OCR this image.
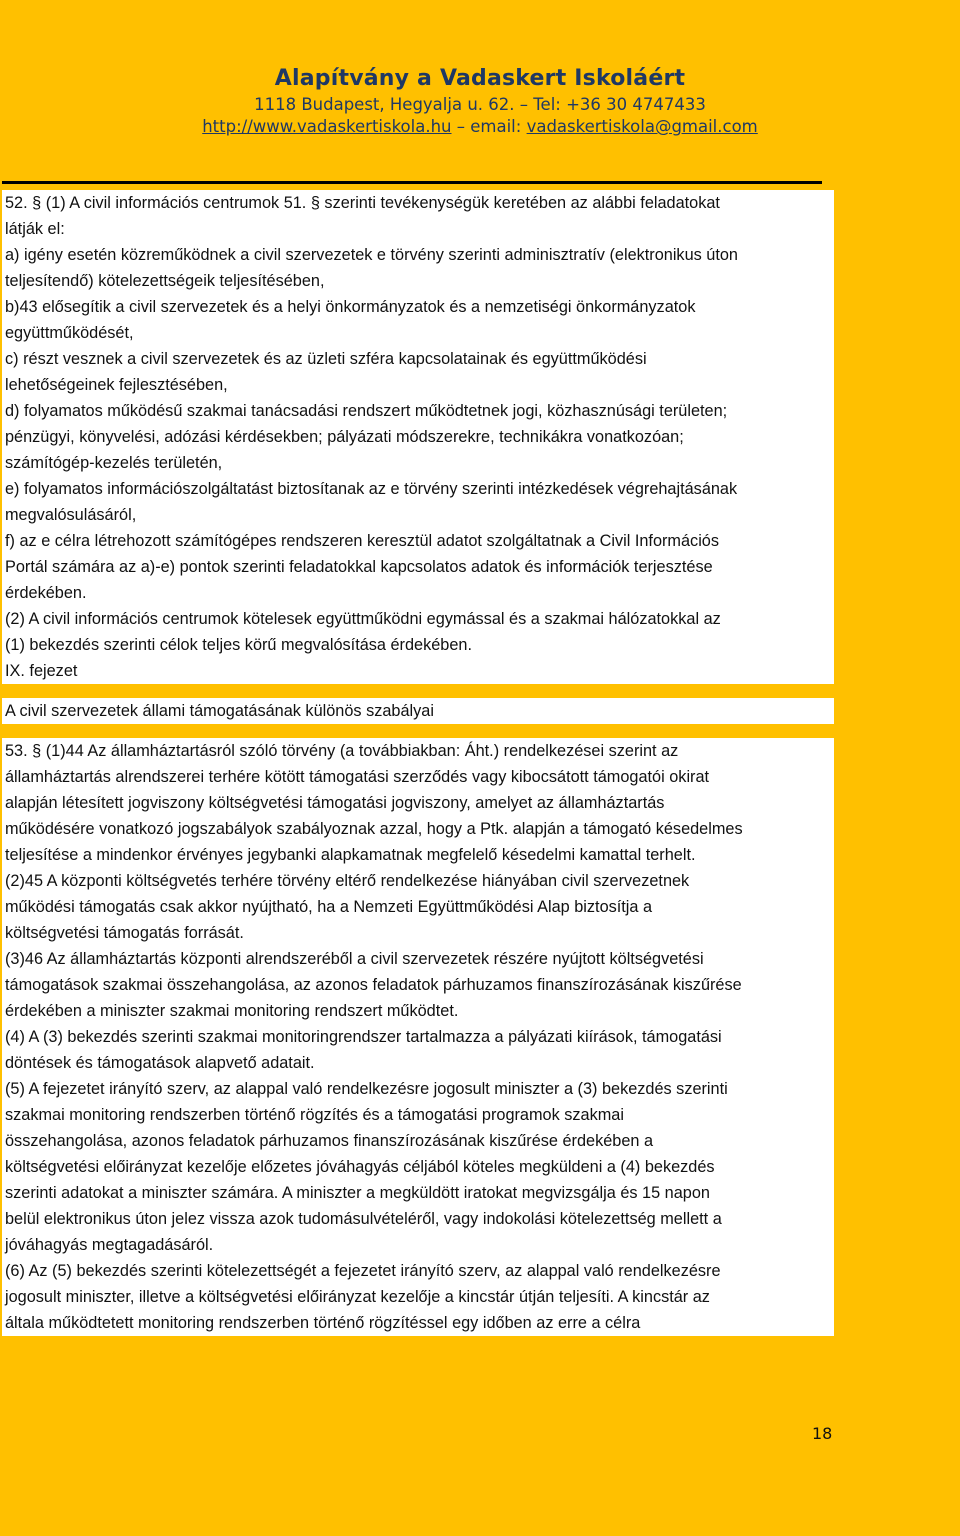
Alapítvány a Vadaskert Iskoláért
1118 Budapest, Hegyalja u. 62. – Tel: +36 30 4747433
http://www.vadaskertiskola.hu – email: vadaskertiskola@gmail.com
52. § (1) A civil információs centrumok 51. § szerinti tevékenységük keretében az alábbi feladatokat
látják el:
a) igény esetén közreműködnek a civil szervezetek e törvény szerinti adminisztratív (elektronikus úton
teljesítendő) kötelezettségeik teljesítésében,
b)43 elősegítik a civil szervezetek és a helyi önkormányzatok és a nemzetiségi önkormányzatok
együttműködését,
c) részt vesznek a civil szervezetek és az üzleti szféra kapcsolatainak és együttműködési
lehetőségeinek fejlesztésében,
d) folyamatos működésű szakmai tanácsadási rendszert működtetnek jogi, közhasznúsági területen;
pénzügyi, könyvelési, adózási kérdésekben; pályázati módszerekre, technikákra vonatkozóan;
számítógép-kezelés területén,
e) folyamatos információszolgáltatást biztosítanak az e törvény szerinti intézkedések végrehajtásának
megvalósulásáról,
f) az e célra létrehozott számítógépes rendszeren keresztül adatot szolgáltatnak a Civil Információs
Portál számára az a)-e) pontok szerinti feladatokkal kapcsolatos adatok és információk terjesztése
érdekében.
(2) A civil információs centrumok kötelesek együttműködni egymással és a szakmai hálózatokkal az
(1) bekezdés szerinti célok teljes körű megvalósítása érdekében.
IX. fejezet
A civil szervezetek állami támogatásának különös szabályai
53. § (1)44 Az államháztartásról szóló törvény (a továbbiakban: Áht.) rendelkezései szerint az
államháztartás alrendszerei terhére kötött támogatási szerződés vagy kibocsátott támogatói okirat
alapján létesített jogviszony költségvetési támogatási jogviszony, amelyet az államháztartás
működésére vonatkozó jogszabályok szabályoznak azzal, hogy a Ptk. alapján a támogató késedelmes
teljesítése a mindenkor érvényes jegybanki alapkamatnak megfelelő késedelmi kamattal terhelt.
(2)45 A központi költségvetés terhére törvény eltérő rendelkezése hiányában civil szervezetnek
működési támogatás csak akkor nyújtható, ha a Nemzeti Együttműködési Alap biztosítja a
költségvetési támogatás forrását.
(3)46 Az államháztartás központi alrendszeréből a civil szervezetek részére nyújtott költségvetési
támogatások szakmai összehangolása, az azonos feladatok párhuzamos finanszírozásának kiszűrése
érdekében a miniszter szakmai monitoring rendszert működtet.
(4) A (3) bekezdés szerinti szakmai monitoringrendszer tartalmazza a pályázati kiírások, támogatási
döntések és támogatások alapvető adatait.
(5) A fejezetet irányító szerv, az alappal való rendelkezésre jogosult miniszter a (3) bekezdés szerinti
szakmai monitoring rendszerben történő rögzítés és a támogatási programok szakmai
összehangolása, azonos feladatok párhuzamos finanszírozásának kiszűrése érdekében a
költségvetési előirányzat kezelője előzetes jóváhagyás céljából köteles megküldeni a (4) bekezdés
szerinti adatokat a miniszter számára. A miniszter a megküldött iratokat megvizsgálja és 15 napon
belül elektronikus úton jelez vissza azok tudomásulvételéről, vagy indokolási kötelezettség mellett a
jóváhagyás megtagadásáról.
(6) Az (5) bekezdés szerinti kötelezettségét a fejezetet irányító szerv, az alappal való rendelkezésre
jogosult miniszter, illetve a költségvetési előirányzat kezelője a kincstár útján teljesíti. A kincstár az
általa működtetett monitoring rendszerben történő rögzítéssel egy időben az erre a célra
18
